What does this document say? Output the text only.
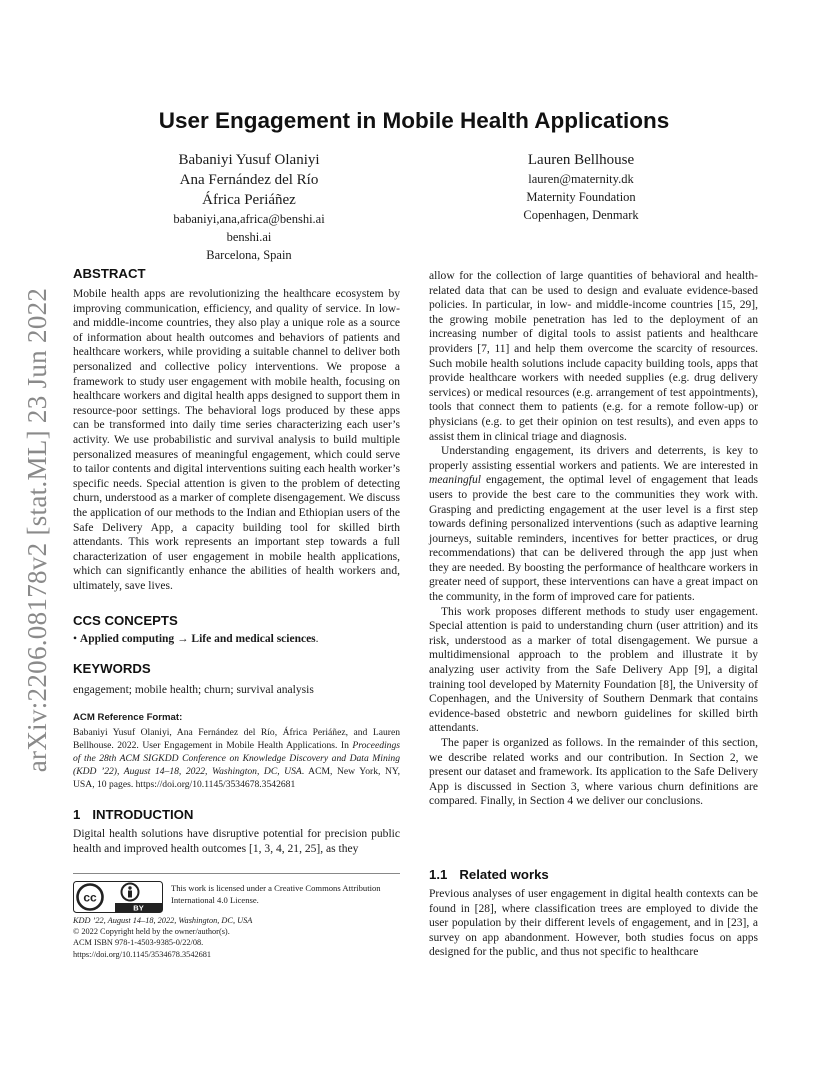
arXiv:2206.08178v2 [stat.ML] 23 Jun 2022
User Engagement in Mobile Health Applications
Babaniyi Yusuf Olaniyi
Ana Fernández del Río
África Periáñez
babaniyi,ana,africa@benshi.ai
benshi.ai
Barcelona, Spain
Lauren Bellhouse
lauren@maternity.dk
Maternity Foundation
Copenhagen, Denmark
ABSTRACT

Mobile health apps are revolutionizing the healthcare ecosystem by improving communication, efficiency, and quality of service. In low- and middle-income countries, they also play a unique role as a source of information about health outcomes and behaviors of patients and healthcare workers, while providing a suitable channel to deliver both personalized and collective policy interventions. We propose a framework to study user engagement with mobile health, focusing on healthcare workers and digital health apps designed to support them in resource-poor settings. The behavioral logs produced by these apps can be transformed into daily time series characterizing each user’s activity. We use probabilistic and survival analysis to build multiple personalized measures of meaningful engagement, which could serve to tailor contents and digital interventions suiting each health worker’s specific needs. Special attention is given to the problem of detecting churn, understood as a marker of complete disengagement. We discuss the application of our methods to the Indian and Ethiopian users of the Safe Delivery App, a capacity building tool for skilled birth attendants. This work represents an important step towards a full characterization of user engagement in mobile health applications, which can significantly enhance the abilities of health workers and, ultimately, save lives.

CCS CONCEPTS
• Applied computing → Life and medical sciences.
KEYWORDS
engagement; mobile health; churn; survival analysis
ACM Reference Format:
Babaniyi Yusuf Olaniyi, Ana Fernández del Río, África Periáñez, and Lauren Bellhouse. 2022. User Engagement in Mobile Health Applications. In Proceedings of the 28th ACM SIGKDD Conference on Knowledge Discovery and Data Mining (KDD ’22), August 14–18, 2022, Washington, DC, USA. ACM, New York, NY, USA, 10 pages. https://doi.org/10.1145/3534678.3542681
1 INTRODUCTION
Digital health solutions have disruptive potential for precision public health and improved health outcomes [1, 3, 4, 21, 25], as they
cc
BY
This work is licensed under a Creative Commons Attribution International 4.0 License.
KDD ’22, August 14–18, 2022, Washington, DC, USA
© 2022 Copyright held by the owner/author(s).
ACM ISBN 978-1-4503-9385-0/22/08.
https://doi.org/10.1145/3534678.3542681

allow for the collection of large quantities of behavioral and health-related data that can be used to design and evaluate evidence-based policies. In particular, in low- and middle-income countries [15, 29], the growing mobile penetration has led to the deployment of an increasing number of digital tools to assist patients and healthcare providers [7, 11] and help them overcome the scarcity of resources. Such mobile health solutions include capacity building tools, apps that provide healthcare workers with needed supplies (e.g. drug delivery services) or medical resources (e.g. arrangement of test appointments), tools that connect them to patients (e.g. for a remote follow-up) or physicians (e.g. to get their opinion on test results), and even apps to assist them in clinical triage and diagnosis.

Understanding engagement, its drivers and deterrents, is key to properly assisting essential workers and patients. We are interested in meaningful engagement, the optimal level of engagement that leads users to provide the best care to the communities they work with. Grasping and predicting engagement at the user level is a first step towards defining personalized interventions (such as adaptive learning journeys, suitable reminders, incentives for better practices, or drug recommendations) that can be delivered through the app just when they are needed. By boosting the performance of healthcare workers in greater need of support, these interventions can have a great impact on the community, in the form of improved care for patients.

This work proposes different methods to study user engagement. Special attention is paid to understanding churn (user attrition) and its risk, understood as a marker of total disengagement. We pursue a multidimensional approach to the problem and illustrate it by analyzing user activity from the Safe Delivery App [9], a digital training tool developed by Maternity Foundation [8], the University of Copenhagen, and the University of Southern Denmark that contains evidence-based obstetric and newborn guidelines for skilled birth attendants.

The paper is organized as follows. In the remainder of this section, we describe related works and our contribution. In Section 2, we present our dataset and framework. Its application to the Safe Delivery App is discussed in Section 3, where various churn definitions are compared. Finally, in Section 4 we deliver our conclusions.

1.1 Related works
Previous analyses of user engagement in digital health contexts can be found in [28], where classification trees are employed to divide the user population by their different levels of engagement, and in [23], a survey on app abandonment. However, both studies focus on apps designed for the public, and thus not specific to healthcare
